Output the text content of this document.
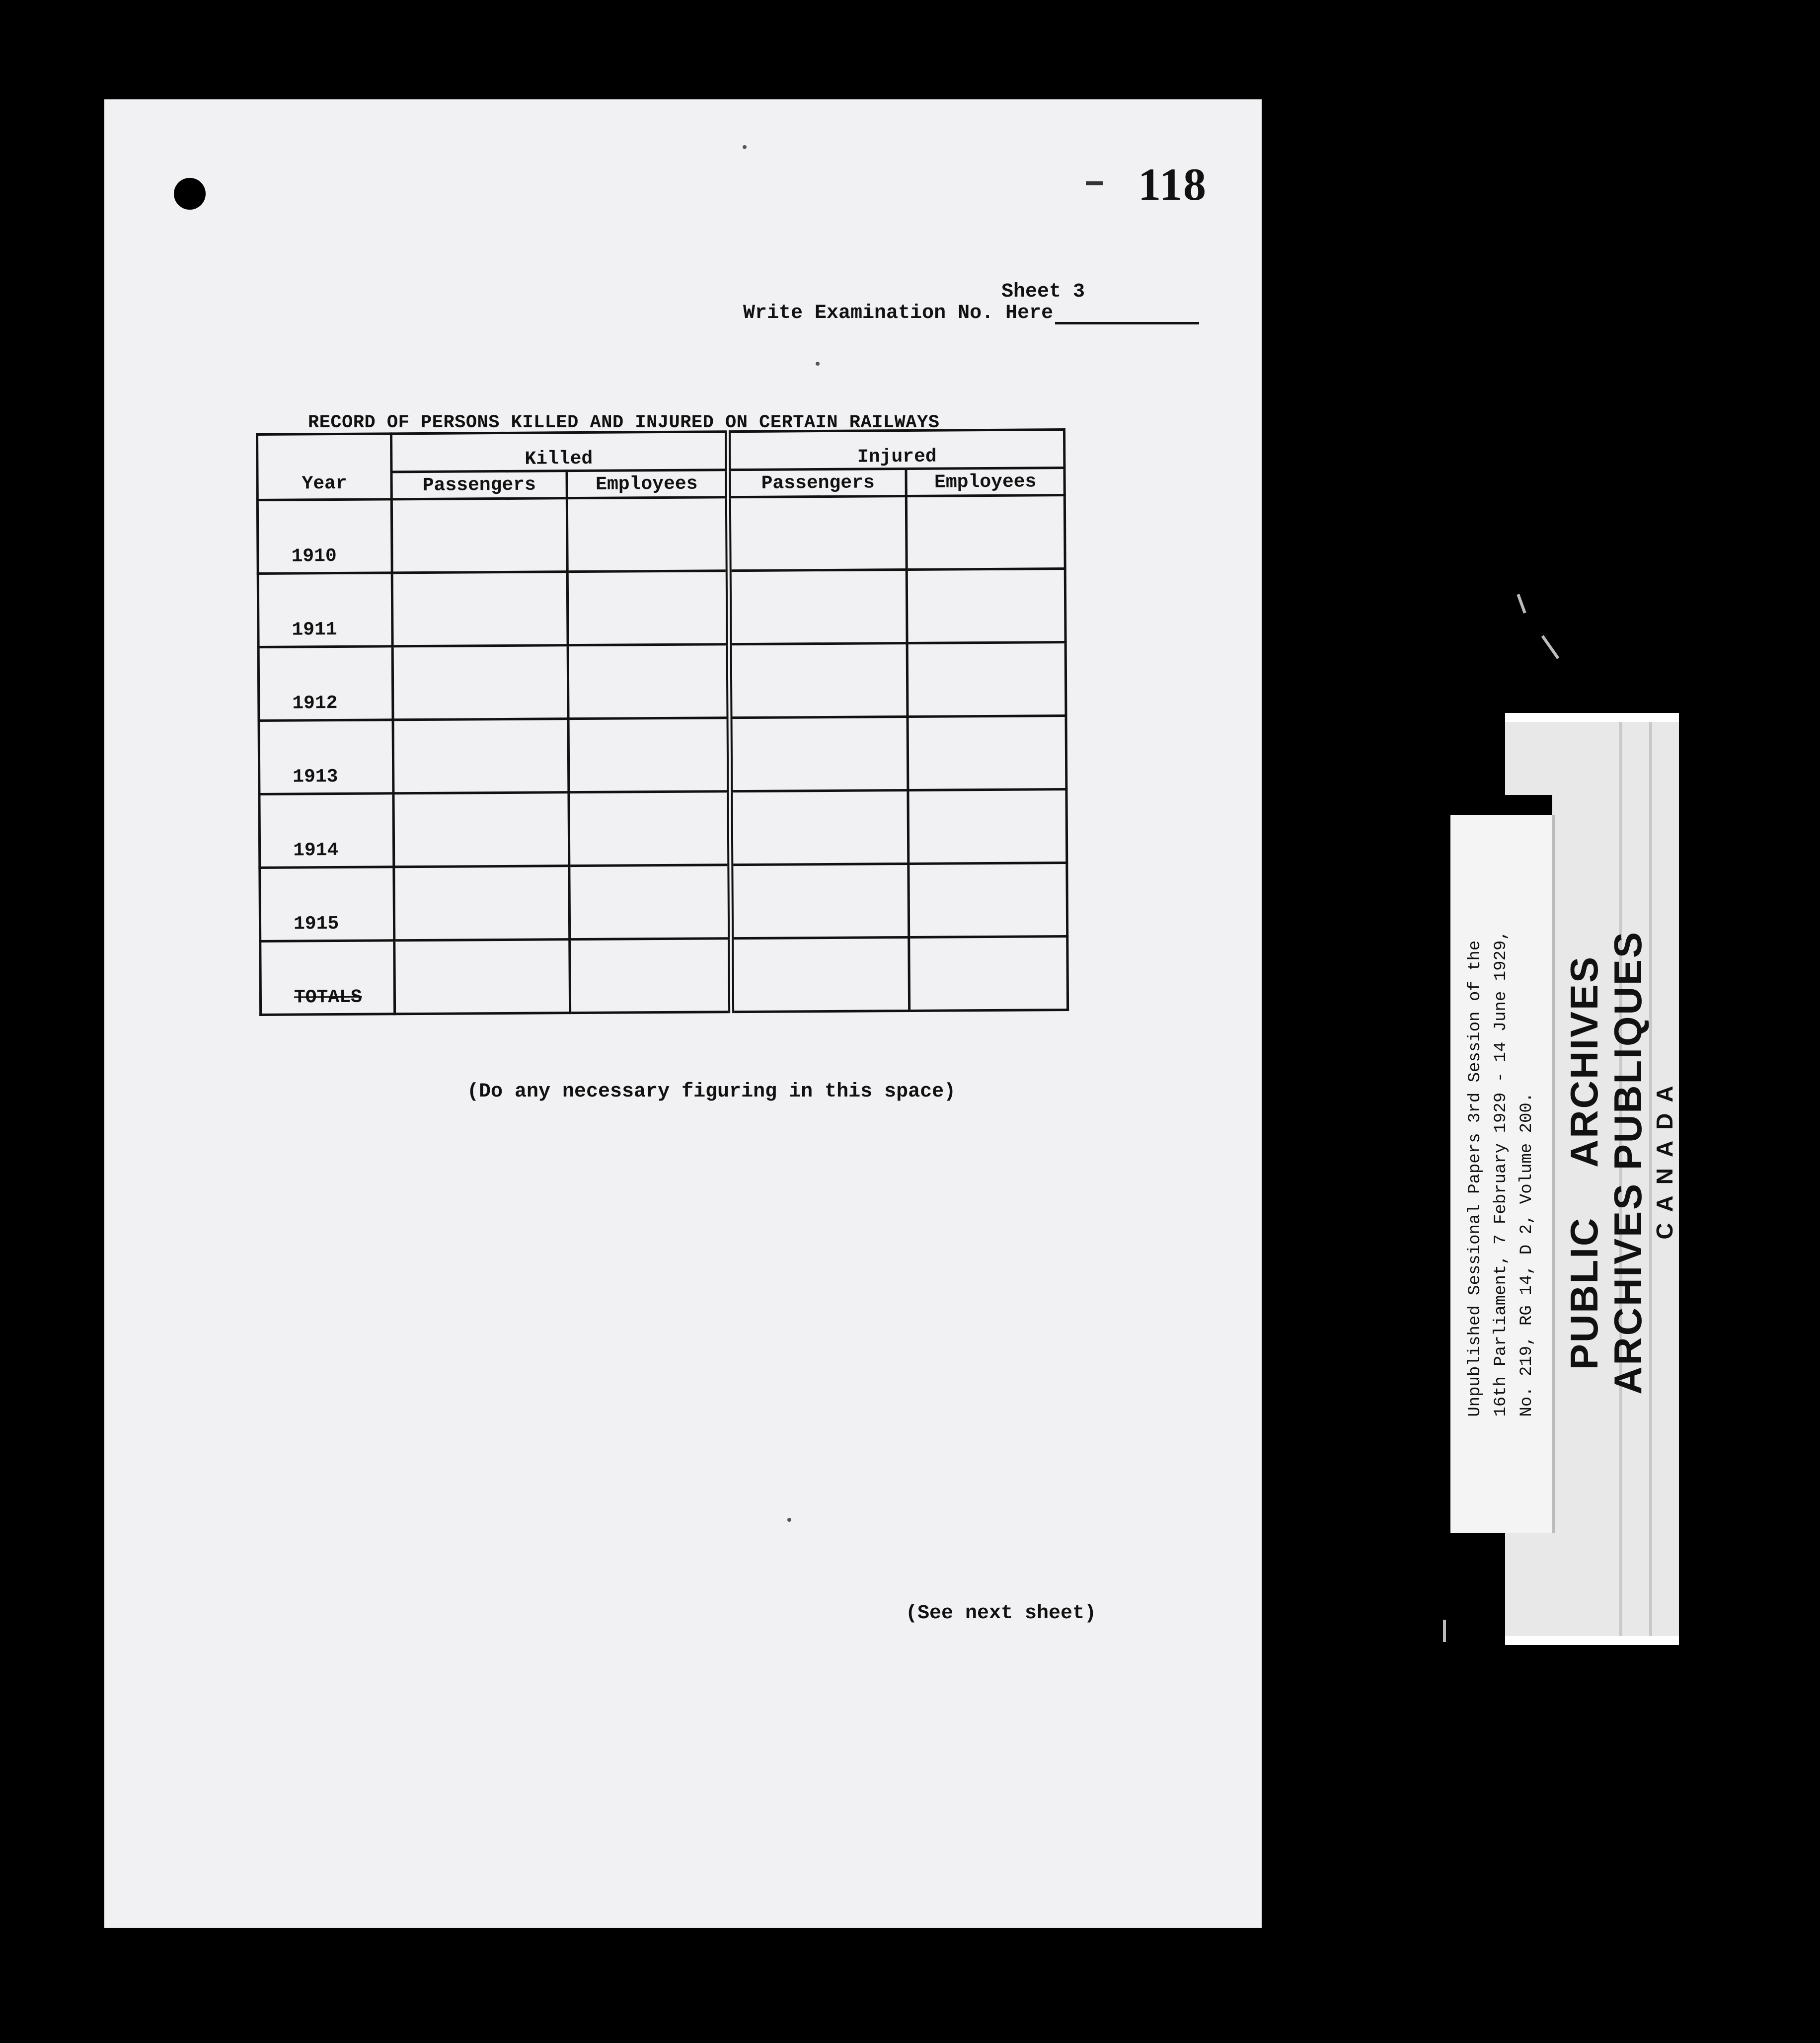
118
Sheet 3
Write Examination No. Here
RECORD OF PERSONS KILLED AND INJURED ON CERTAIN RAILWAYS
Year	Killed		Injured	
	Passengers	Employees	Passengers	Employees
1910				
1911				
1912				
1913				
1914				
1915				
TOTALS				
(Do any necessary figuring in this space)
(See next sheet)
Unpublished Sessional Papers 3rd Session of the 16th Parliament, 7 February 1929 - 14 June 1929, No. 219, RG 14, D 2, Volume 200. PUBLIC    ARCHIVES
ARCHIVES PUBLIQUES CANADA
